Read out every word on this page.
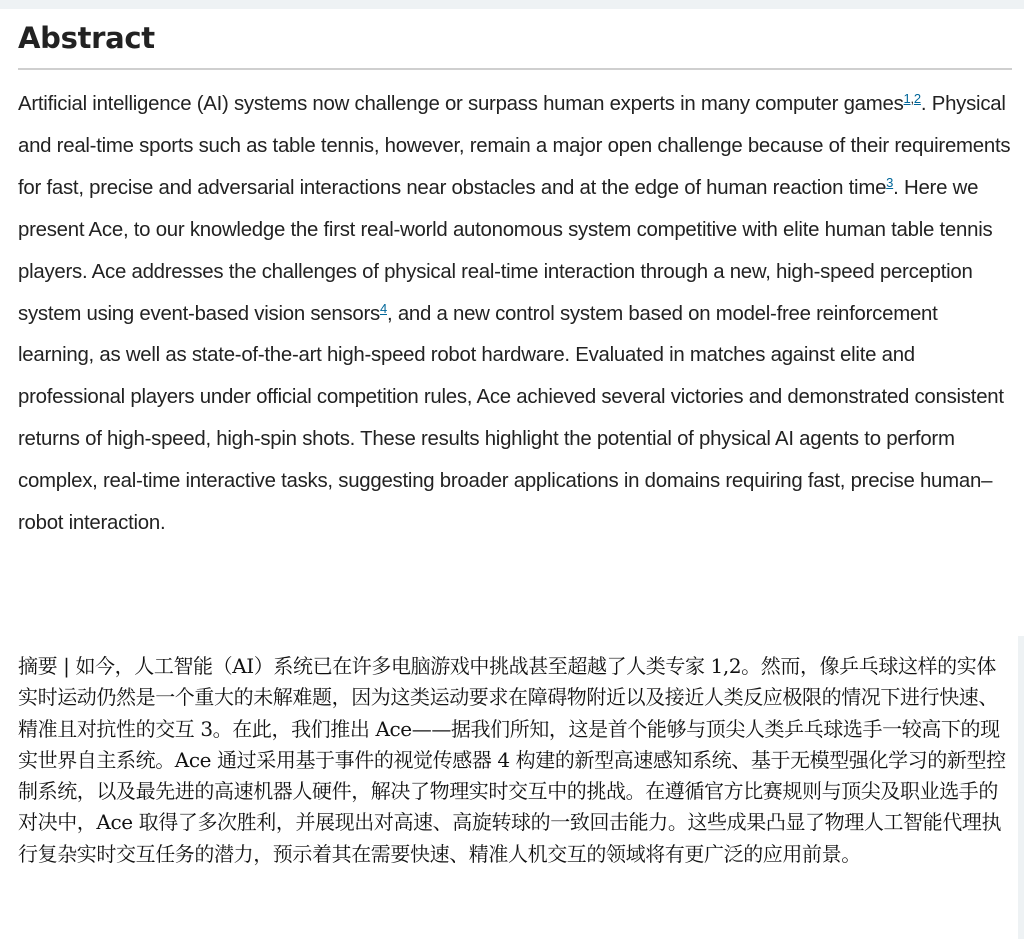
Abstract

Artificial intelligence (AI) systems now challenge or surpass human experts in many computer games$^{1,2}$. Physical and real-time sports such as table tennis, however, remain a major open challenge because of their requirements for fast, precise and adversarial interactions near obstacles and at the edge of human reaction time$^3$. Here we present Ace, to our knowledge the first real-world autonomous system competitive with elite human table tennis players. Ace addresses the challenges of physical real-time interaction through a new, high-speed perception system using event-based vision sensors$^4$, and a new control system based on model-free reinforcement learning, as well as state-of-the-art high-speed robot hardware. Evaluated in matches against elite and professional players under official competition rules, Ace achieved several victories and demonstrated consistent returns of high-speed, high-spin shots. These results highlight the potential of physical AI agents to perform complex, real-time interactive tasks, suggesting broader applications in domains requiring fast, precise human–robot interaction.

摘要 | 如今，人工智能（AI）系统已在许多电脑游戏中挑战甚至超越了人类专家 1,2。然而，像乒乓球这样的实体实时运动仍然是一个重大的未解难题，因为这类运动要求在障碍物附近以及接近人类反应极限的情况下进行快速、精准且对抗性的交互 3。在此，我们推出 Ace——据我们所知，这是首个能够与顶尖人类乒乓球选手一较高下的现实世界自主系统。Ace 通过采用基于事件的视觉传感器 4 构建的新型高速感知系统、基于无模型强化学习的新型控制系统，以及最先进的高速机器人硬件，解决了物理实时交互中的挑战。在遵循官方比赛规则与顶尖及职业选手的对决中，Ace 取得了多次胜利，并展现出对高速、高旋转球的一致回击能力。这些成果凸显了物理人工智能代理执行复杂实时交互任务的潜力，预示着其在需要快速、精准人机交互的领域将有更广泛的应用前景。
